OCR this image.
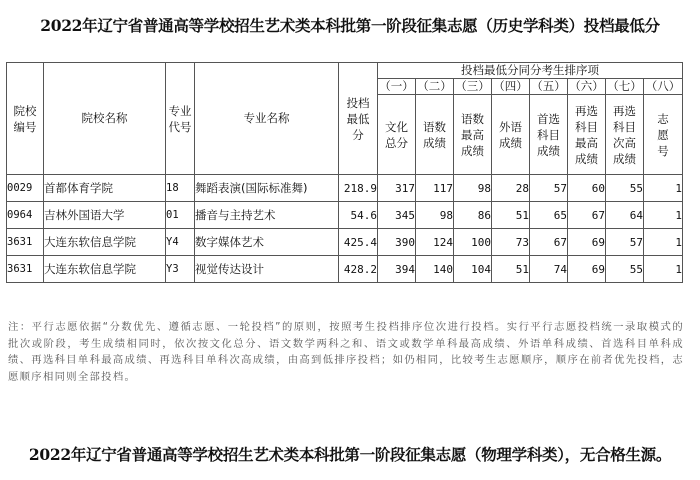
2022年辽宁省普通高等学校招生艺术类本科批第一阶段征集志愿（历史学科类）投档最低分
院校编号	院校名称	专业代号	专业名称	投档最低分	投档最低分同分考生排序项							
					（一）	（二）	（三）	（四）	（五）	（六）	（七）	（八）
					文化总分	语数成绩	语数最高成绩	外语成绩	首选科目成绩	再选科目最高成绩	再选科目次高成绩	志愿号
0029	首都体育学院	18	舞蹈表演(国际标准舞)	218.9	317	117	98	28	57	60	55	1
0964	吉林外国语大学	01	播音与主持艺术	54.6	345	98	86	51	65	67	64	1
3631	大连东软信息学院	Y4	数字媒体艺术	425.4	390	124	100	73	67	69	57	1
3631	大连东软信息学院	Y3	视觉传达设计	428.2	394	140	104	51	74	69	55	1
注：平行志愿依据“分数优先、遵循志愿、一轮投档”的原则，按照考生投档排序位次进行投档。实行平行志愿投档统一录取模式的批次或阶段，考生成绩相同时，依次按文化总分、语文数学两科之和、语文或数学单科最高成绩、外语单科成绩、首选科目单科成绩、再选科目单科最高成绩、再选科目单科次高成绩，由高到低排序投档；如仍相同，比较考生志愿顺序，顺序在前者优先投档，志愿顺序相同则全部投档。
2022年辽宁省普通高等学校招生艺术类本科批第一阶段征集志愿（物理学科类），无合格生源。
